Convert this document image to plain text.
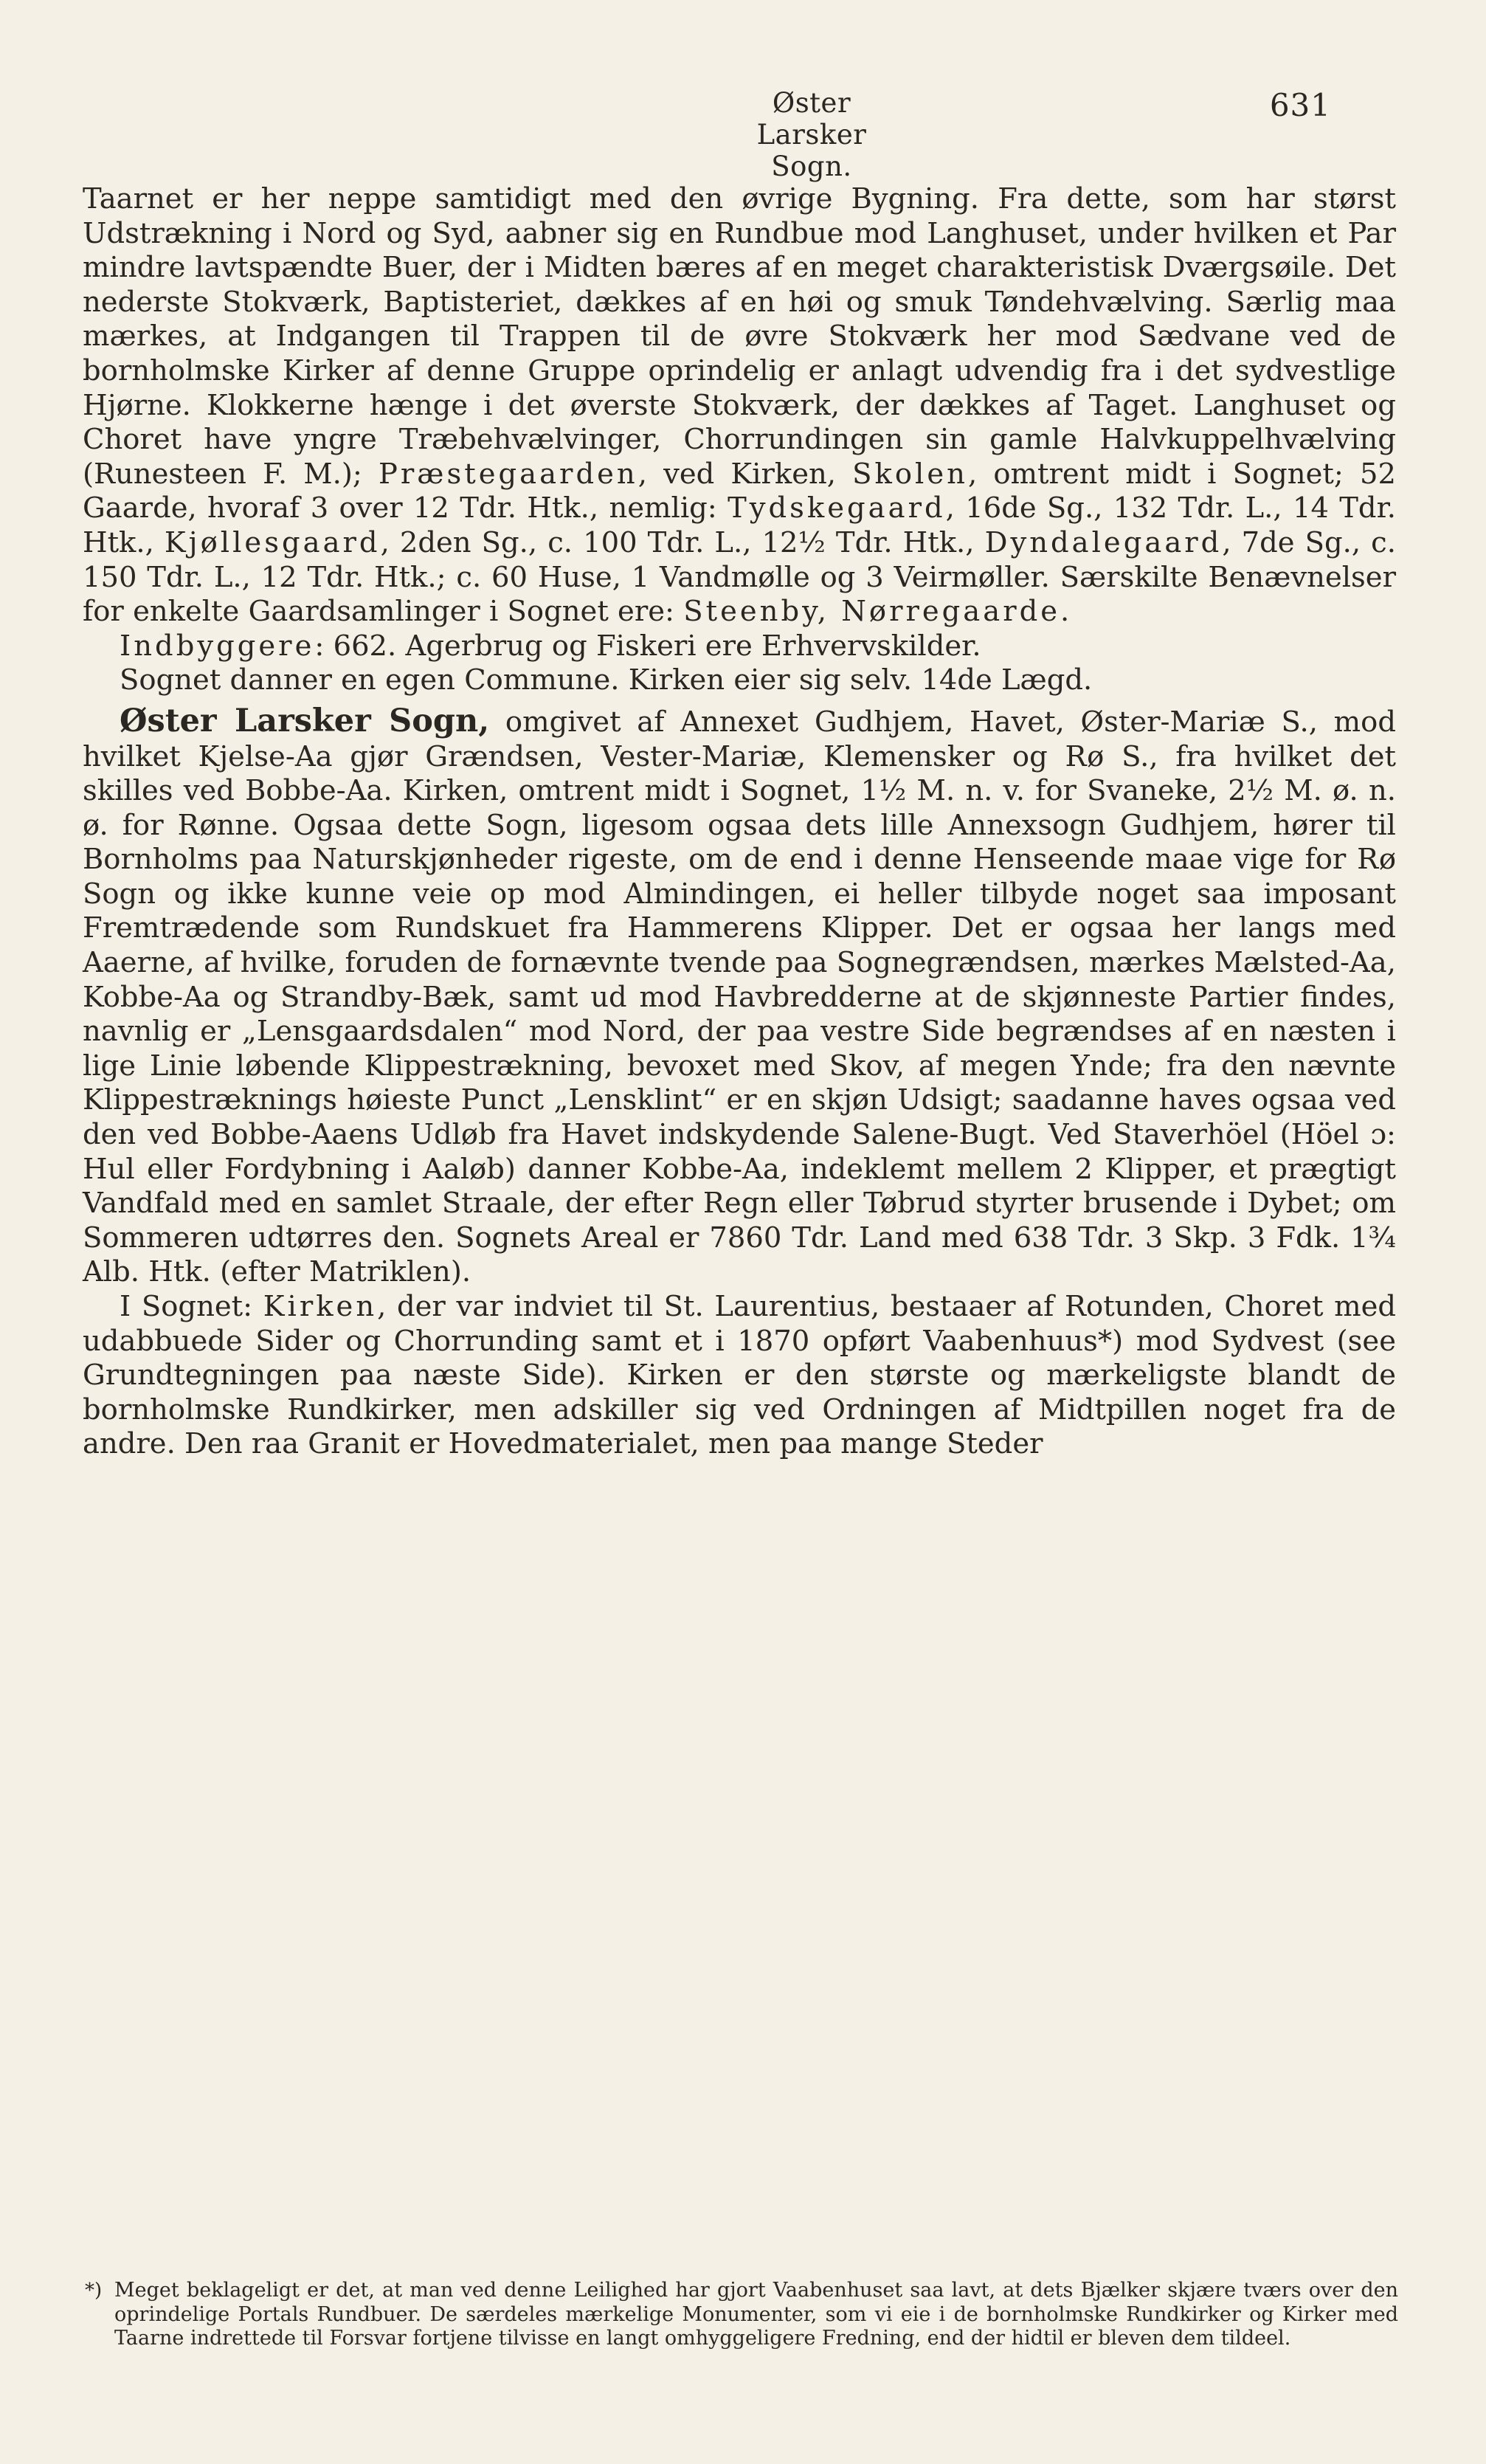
Øster Larsker Sogn.
631

Taarnet er her neppe samtidigt med den øvrige Bygning. Fra dette, som har størst Udstrækning i Nord og Syd, aabner sig en Rundbue mod Langhuset, under hvilken et Par mindre lavtspændte Buer, der i Midten bæres af en meget charakteristisk Dværgsøile. Det nederste Stokværk, Baptisteriet, dækkes af en høi og smuk Tøndehvælving. Særlig maa mærkes, at Indgangen til Trappen til de øvre Stokværk her mod Sædvane ved de bornholmske Kirker af denne Gruppe oprindelig er anlagt udvendig fra i det sydvestlige Hjørne. Klokkerne hænge i det øverste Stokværk, der dækkes af Taget. Langhuset og Choret have yngre Træbehvælvinger, Chorrundingen sin gamle Halvkuppelhvælving (Runesteen F. M.); Præstegaarden, ved Kirken, Skolen, omtrent midt i Sognet; 52 Gaarde, hvoraf 3 over 12 Tdr. Htk., nemlig: Tydskegaard, 16de Sg., 132 Tdr. L., 14 Tdr. Htk., Kjøllesgaard, 2den Sg., c. 100 Tdr. L., 12½ Tdr. Htk., Dyndalegaard, 7de Sg., c. 150 Tdr. L., 12 Tdr. Htk.; c. 60 Huse, 1 Vandmølle og 3 Veirmøller. Særskilte Benævnelser for enkelte Gaardsamlinger i Sognet ere: Steenby, Nørregaarde.

Indbyggere: 662. Agerbrug og Fiskeri ere Erhvervskilder.

Sognet danner en egen Commune. Kirken eier sig selv. 14de Lægd.

Øster Larsker Sogn, omgivet af Annexet Gudhjem, Havet, Øster-Mariæ S., mod hvilket Kjelse-Aa gjør Grændsen, Vester-Mariæ, Klemensker og Rø S., fra hvilket det skilles ved Bobbe-Aa. Kirken, omtrent midt i Sognet, 1½ M. n. v. for Svaneke, 2½ M. ø. n. ø. for Rønne. Ogsaa dette Sogn, ligesom ogsaa dets lille Annexsogn Gudhjem, hører til Bornholms paa Naturskjønheder rigeste, om de end i denne Henseende maae vige for Rø Sogn og ikke kunne veie op mod Almindingen, ei heller tilbyde noget saa imposant Fremtrædende som Rundskuet fra Hammerens Klipper. Det er ogsaa her langs med Aaerne, af hvilke, foruden de fornævnte tvende paa Sognegrændsen, mærkes Mælsted-Aa, Kobbe-Aa og Strandby-Bæk, samt ud mod Havbredderne at de skjønneste Partier findes, navnlig er „Lensgaardsdalen“ mod Nord, der paa vestre Side begrændses af en næsten i lige Linie løbende Klippestrækning, bevoxet med Skov, af megen Ynde; fra den nævnte Klippestræknings høieste Punct „Lensklint“ er en skjøn Udsigt; saadanne haves ogsaa ved den ved Bobbe-Aaens Udløb fra Havet indskydende Salene-Bugt. Ved Staverhöel (Höel ɔ: Hul eller Fordybning i Aaløb) danner Kobbe-Aa, indeklemt mellem 2 Klipper, et prægtigt Vandfald med en samlet Straale, der efter Regn eller Tøbrud styrter brusende i Dybet; om Sommeren udtørres den. Sognets Areal er 7860 Tdr. Land med 638 Tdr. 3 Skp. 3 Fdk. 1¾ Alb. Htk. (efter Matriklen).

I Sognet: Kirken, der var indviet til St. Laurentius, bestaaer af Rotunden, Choret med udabbuede Sider og Chorrunding samt et i 1870 opført Vaabenhuus*) mod Sydvest (see Grundtegningen paa næste Side). Kirken er den største og mærkeligste blandt de bornholmske Rundkirker, men adskiller sig ved Ordningen af Midtpillen noget fra de andre. Den raa Granit er Hovedmaterialet, men paa mange Steder

*) Meget beklageligt er det, at man ved denne Leilighed har gjort Vaabenhuset saa lavt, at dets Bjælker skjære tværs over den oprindelige Portals Rundbuer. De særdeles mærkelige Monumenter, som vi eie i de bornholmske Rundkirker og Kirker med Taarne indrettede til Forsvar fortjene tilvisse en langt omhyggeligere Fredning, end der hidtil er bleven dem tildeel.
